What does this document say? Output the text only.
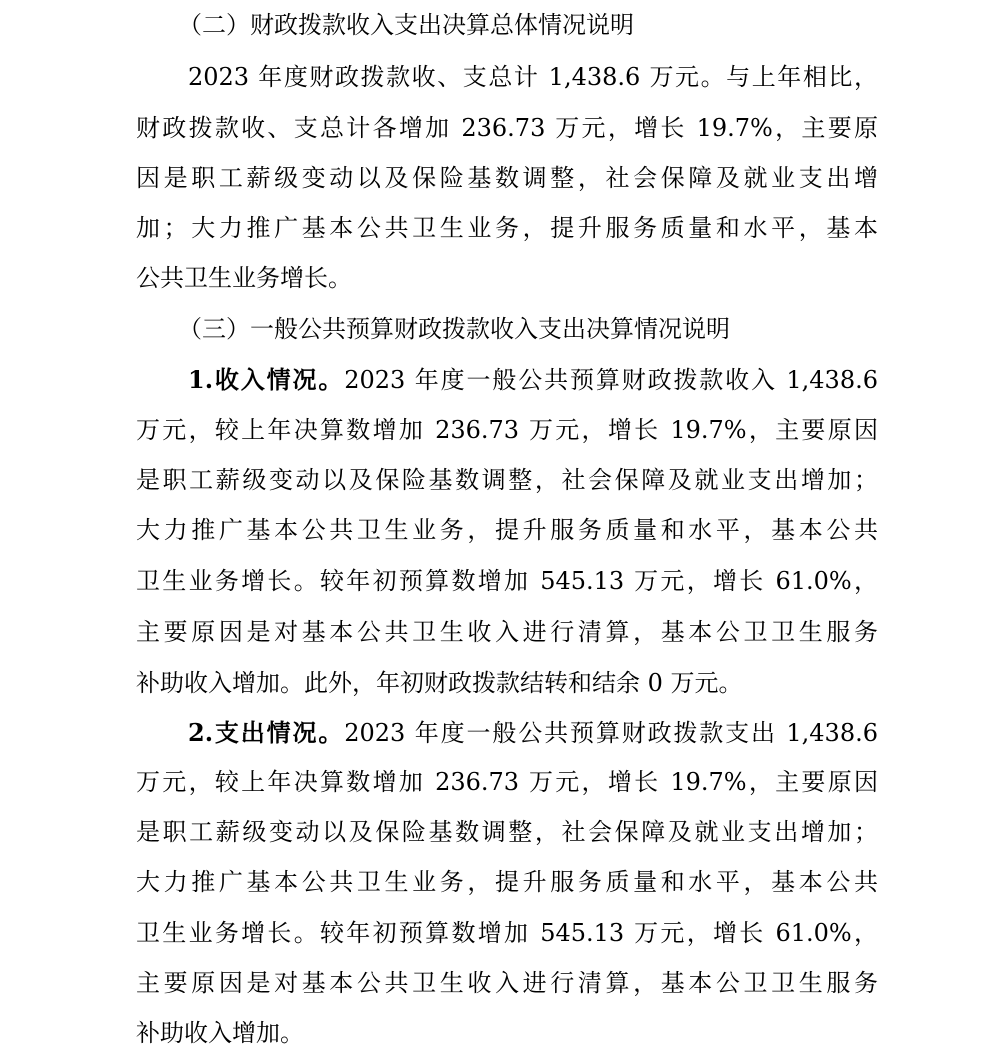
（二）财政拨款收入支出决算总体情况说明
2023 年度财政拨款收、支总计 1,438.6 万元。与上年相比，
财政拨款收、支总计各增加 236.73 万元，增长 19.7%，主要原
因是职工薪级变动以及保险基数调整，社会保障及就业支出增
加；大力推广基本公共卫生业务，提升服务质量和水平，基本
公共卫生业务增长。
（三）一般公共预算财政拨款收入支出决算情况说明
1.收入情况。2023 年度一般公共预算财政拨款收入 1,438.6
万元，较上年决算数增加 236.73 万元，增长 19.7%，主要原因
是职工薪级变动以及保险基数调整，社会保障及就业支出增加；
大力推广基本公共卫生业务，提升服务质量和水平，基本公共
卫生业务增长。较年初预算数增加 545.13 万元，增长 61.0%，
主要原因是对基本公共卫生收入进行清算，基本公卫卫生服务
补助收入增加。此外，年初财政拨款结转和结余 0 万元。
2.支出情况。2023 年度一般公共预算财政拨款支出 1,438.6
万元，较上年决算数增加 236.73 万元，增长 19.7%，主要原因
是职工薪级变动以及保险基数调整，社会保障及就业支出增加；
大力推广基本公共卫生业务，提升服务质量和水平，基本公共
卫生业务增长。较年初预算数增加 545.13 万元，增长 61.0%，
主要原因是对基本公共卫生收入进行清算，基本公卫卫生服务
补助收入增加。
